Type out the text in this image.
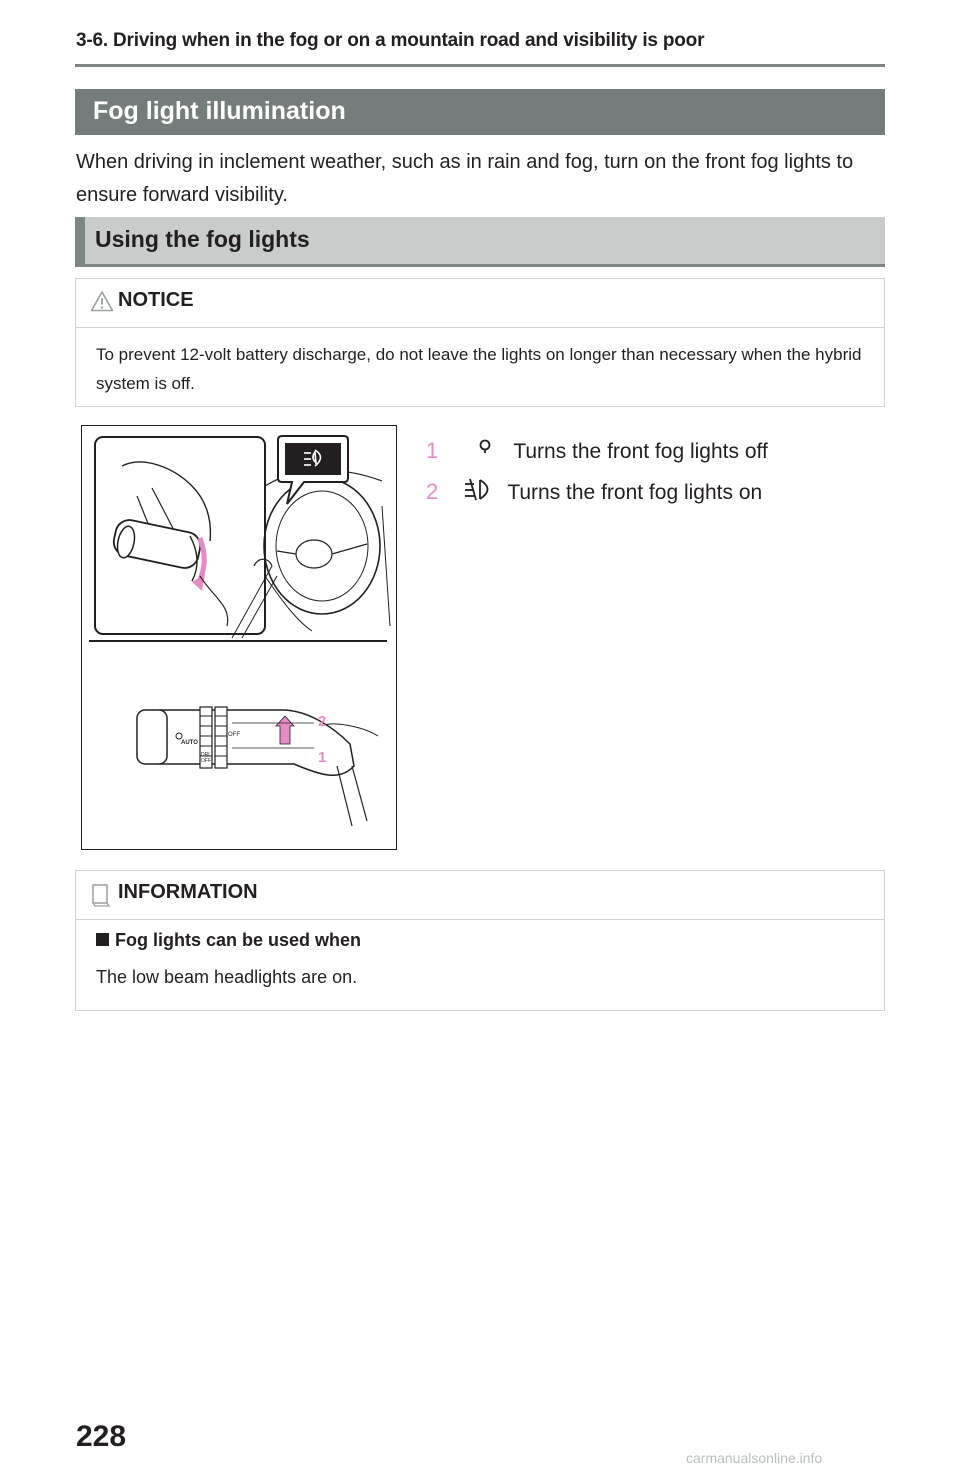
3-6. Driving when in the fog or on a mountain road and visibility is poor
Fog light illumination
When driving in inclement weather, such as in rain and fog, turn on the front fog lights to ensure forward visibility.
Using the fog lights
NOTICE
To prevent 12-volt battery discharge, do not leave the lights on longer than necessary when the hybrid system is off.
AUTO
OFF
DRL
OFF
2
1
1	Turns the front fog lights off
2	Turns the front fog lights on
INFORMATION
Fog lights can be used when
The low beam headlights are on.
228
carmanualsonline.info
